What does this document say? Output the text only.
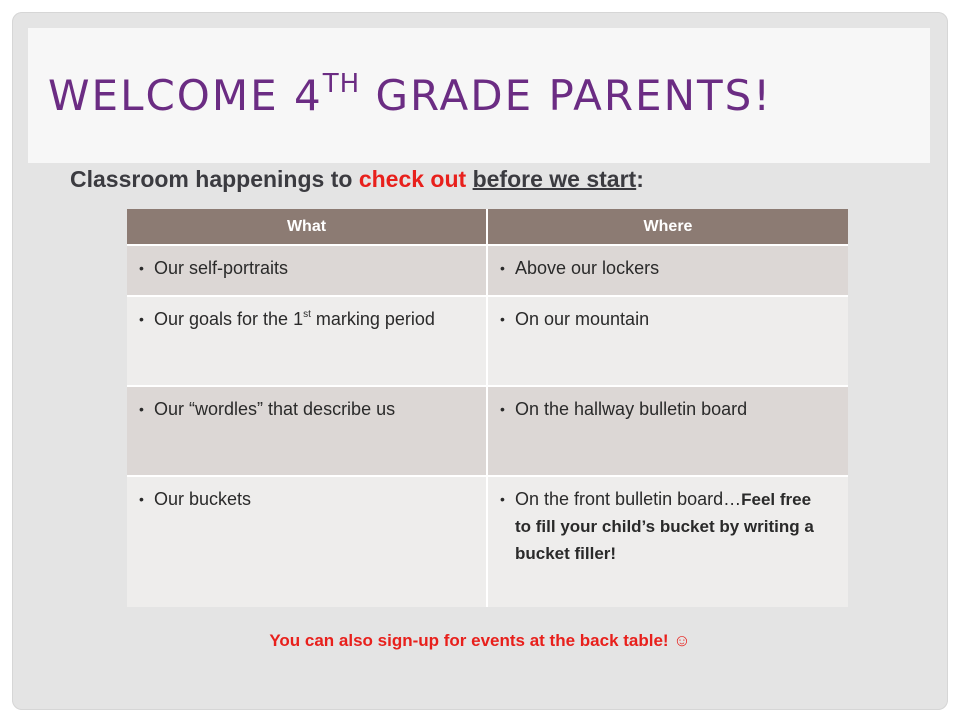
WELCOME 4TH GRADE PARENTS!
Classroom happenings to check out before we start:
What	Where

• Our self-portraits	• Above our lockers

• Our goals for the 1st marking period	• On our mountain

• Our “wordles” that describe us	• On the hallway bulletin board

• Our buckets	• On the front bulletin board…Feel free to fill your child’s bucket by writing a bucket filler!
You can also sign-up for events at the back table! ☺
